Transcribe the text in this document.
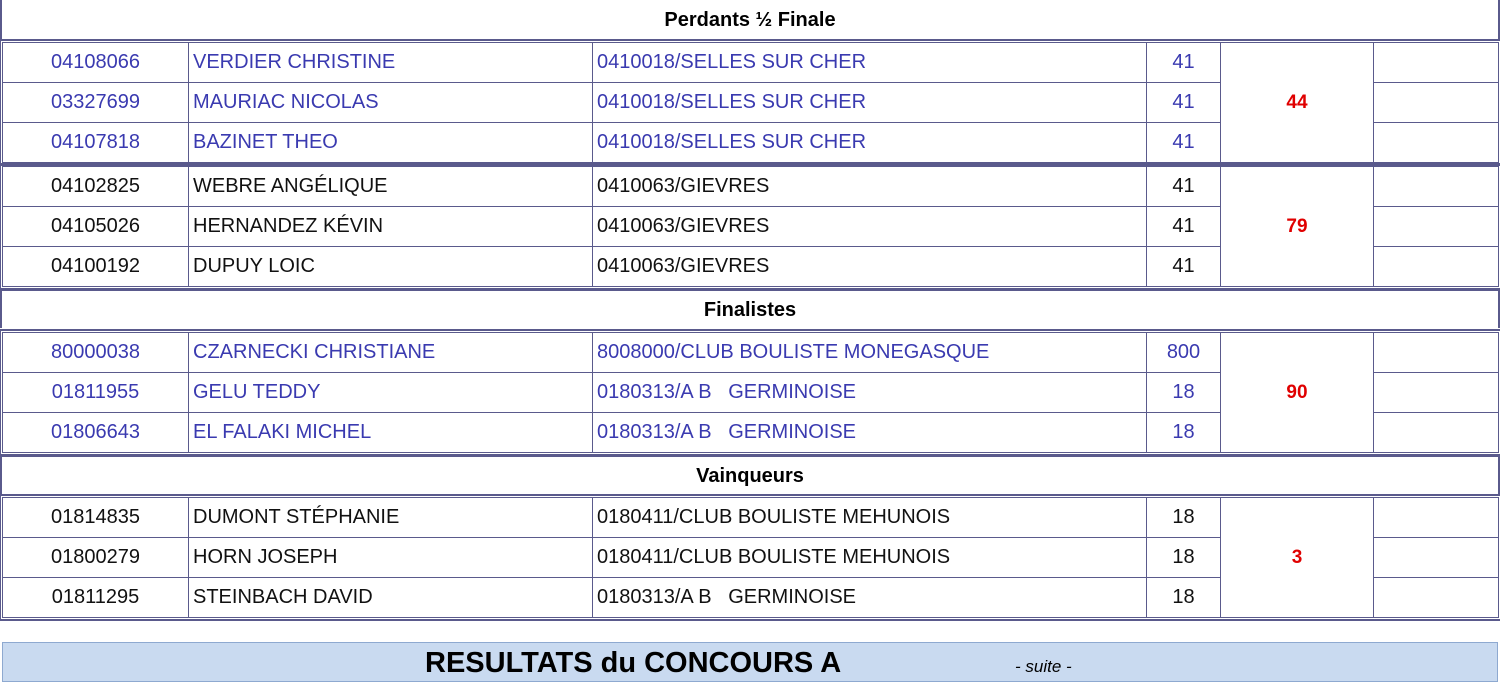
Perdants ½ Finale
04108066	VERDIER CHRISTINE	0410018/SELLES SUR CHER	41	44	
03327699	MAURIAC NICOLAS	0410018/SELLES SUR CHER	41		
04107818	BAZINET THEO	0410018/SELLES SUR CHER	41		
04102825	WEBRE ANGÉLIQUE	0410063/GIEVRES	41	79	
04105026	HERNANDEZ KÉVIN	0410063/GIEVRES	41		
04100192	DUPUY LOIC	0410063/GIEVRES	41		
Finalistes
80000038	CZARNECKI CHRISTIANE	8008000/CLUB BOULISTE MONEGASQUE	800	90	
01811955	GELU TEDDY	0180313/A B   GERMINOISE	18		
01806643	EL FALAKI MICHEL	0180313/A B   GERMINOISE	18		
Vainqueurs
01814835	DUMONT STÉPHANIE	0180411/CLUB BOULISTE MEHUNOIS	18	3	
01800279	HORN JOSEPH	0180411/CLUB BOULISTE MEHUNOIS	18		
01811295	STEINBACH DAVID	0180313/A B   GERMINOISE	18		
RESULTATS du CONCOURS A	- suite -
